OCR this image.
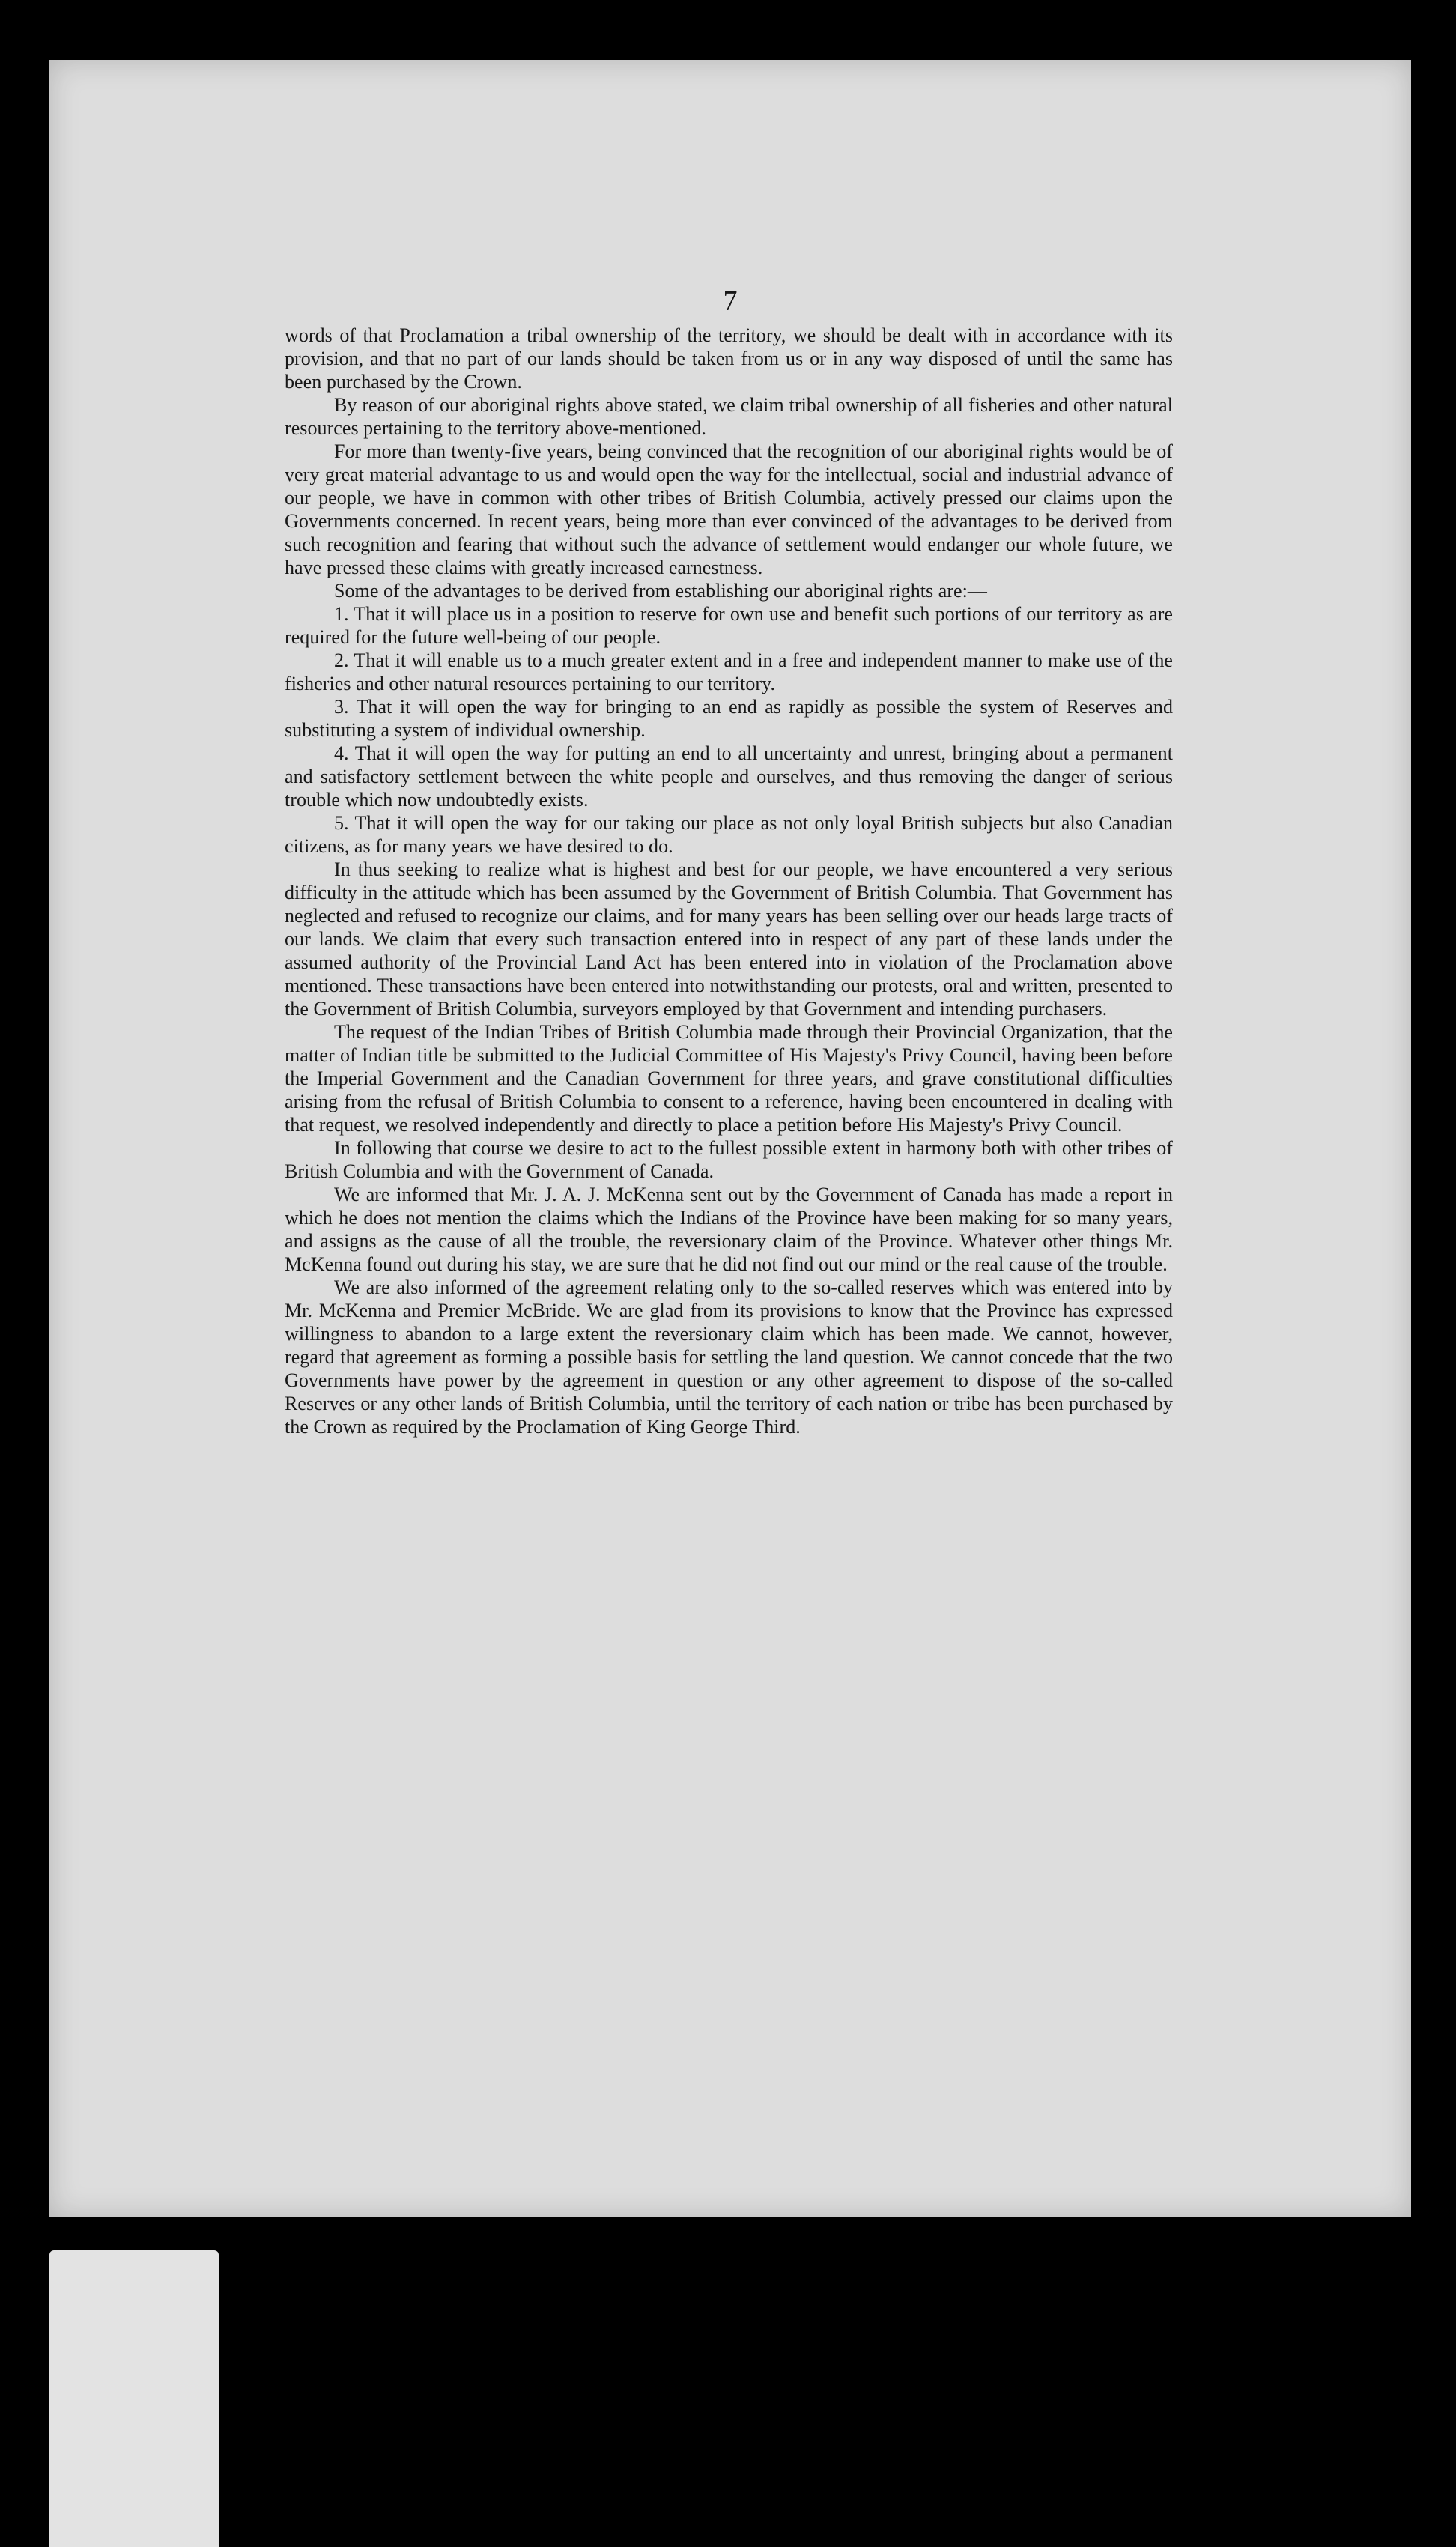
7

words of that Proclamation a tribal ownership of the territory, we should be dealt with in accordance with its provision, and that no part of our lands should be taken from us or in any way disposed of until the same has been purchased by the Crown.

By reason of our aboriginal rights above stated, we claim tribal ownership of all fisheries and other natural resources pertaining to the territory above-mentioned.

For more than twenty-five years, being convinced that the recognition of our aboriginal rights would be of very great material advantage to us and would open the way for the intellectual, social and industrial advance of our people, we have in common with other tribes of British Columbia, actively pressed our claims upon the Governments concerned. In recent years, being more than ever convinced of the advantages to be derived from such recognition and fearing that without such the advance of settlement would endanger our whole future, we have pressed these claims with greatly increased earnestness.

Some of the advantages to be derived from establishing our aboriginal rights are:—

1. That it will place us in a position to reserve for own use and benefit such portions of our territory as are required for the future well-being of our people.

2. That it will enable us to a much greater extent and in a free and independent manner to make use of the fisheries and other natural resources pertaining to our territory.

3. That it will open the way for bringing to an end as rapidly as possible the system of Reserves and substituting a system of individual ownership.

4. That it will open the way for putting an end to all uncertainty and unrest, bringing about a permanent and satisfactory settlement between the white people and ourselves, and thus removing the danger of serious trouble which now undoubtedly exists.

5. That it will open the way for our taking our place as not only loyal British subjects but also Canadian citizens, as for many years we have desired to do.

In thus seeking to realize what is highest and best for our people, we have encountered a very serious difficulty in the attitude which has been assumed by the Government of British Columbia. That Government has neglected and refused to recognize our claims, and for many years has been selling over our heads large tracts of our lands. We claim that every such transaction entered into in respect of any part of these lands under the assumed authority of the Provincial Land Act has been entered into in violation of the Proclamation above mentioned. These transactions have been entered into notwithstanding our protests, oral and written, presented to the Government of British Columbia, surveyors employed by that Government and intending purchasers.

The request of the Indian Tribes of British Columbia made through their Provincial Organization, that the matter of Indian title be submitted to the Judicial Committee of His Majesty's Privy Council, having been before the Imperial Government and the Canadian Government for three years, and grave constitutional difficulties arising from the refusal of British Columbia to consent to a reference, having been encountered in dealing with that request, we resolved independently and directly to place a petition before His Majesty's Privy Council.

In following that course we desire to act to the fullest possible extent in harmony both with other tribes of British Columbia and with the Government of Canada.

We are informed that Mr. J. A. J. McKenna sent out by the Government of Canada has made a report in which he does not mention the claims which the Indians of the Province have been making for so many years, and assigns as the cause of all the trouble, the reversionary claim of the Province. Whatever other things Mr. McKenna found out during his stay, we are sure that he did not find out our mind or the real cause of the trouble.

We are also informed of the agreement relating only to the so-called reserves which was entered into by Mr. McKenna and Premier McBride. We are glad from its provisions to know that the Province has expressed willingness to abandon to a large extent the reversionary claim which has been made. We cannot, however, regard that agreement as forming a possible basis for settling the land question. We cannot concede that the two Governments have power by the agreement in question or any other agreement to dispose of the so-called Reserves or any other lands of British Columbia, until the territory of each nation or tribe has been purchased by the Crown as required by the Proclamation of King George Third.
